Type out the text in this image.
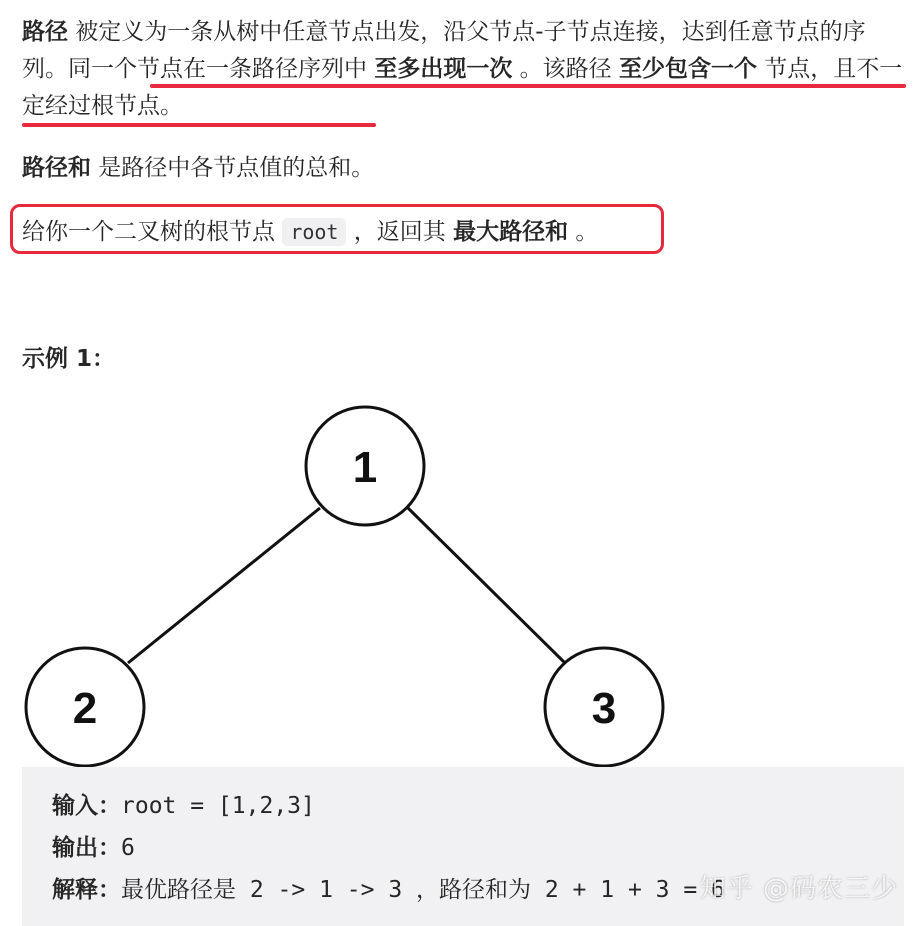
路径 被定义为一条从树中任意节点出发，沿父节点-子节点连接，达到任意节点的序列。同一个节点在一条路径序列中 至多出现一次 。该路径 至少包含一个 节点，且不一定经过根节点。

路径和 是路径中各节点值的总和。

给你一个二叉树的根节点 root ，返回其 最大路径和 。

示例 1：
1
2	3
输入：root = [1,2,3]
输出：6
解释：最优路径是 2 -> 1 -> 3 ，路径和为 2 + 1 + 3 = 6
知乎 @码农三少
